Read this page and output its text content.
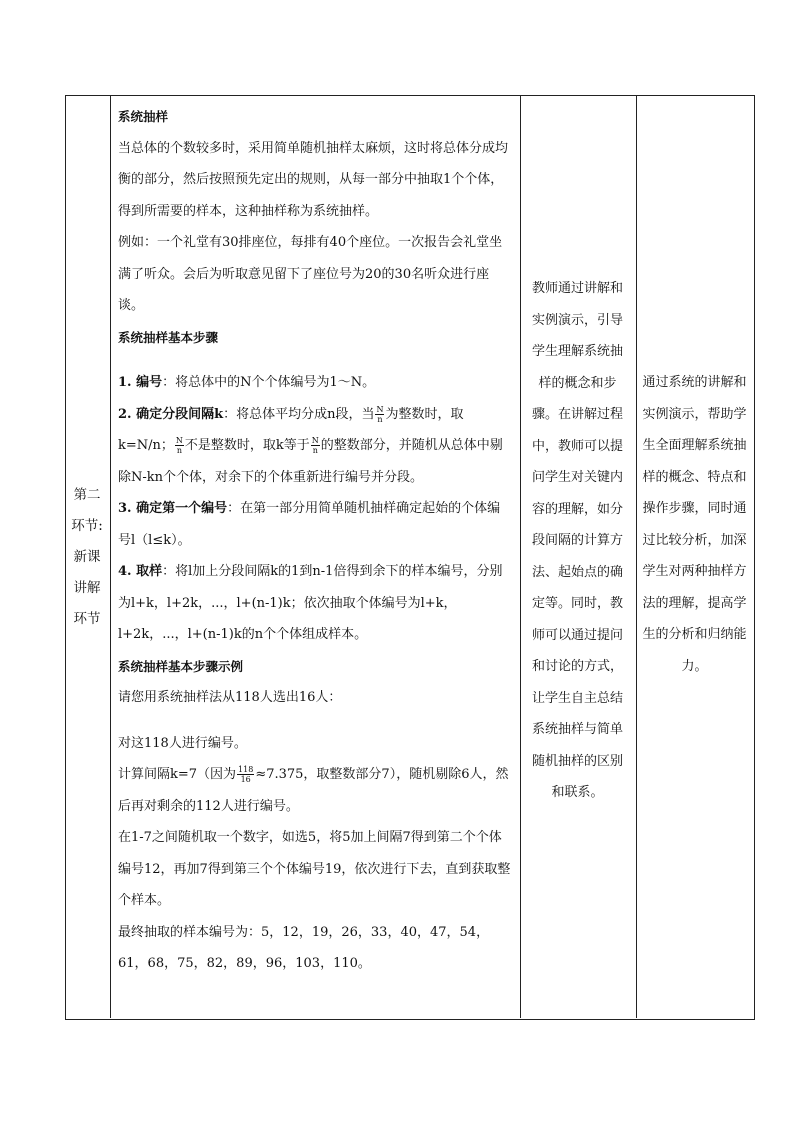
第二
环节:
新课
讲解
环节

系统抽样

当总体的个数较多时，采用简单随机抽样太麻烦，这时将总体分成均衡的部分，然后按照预先定出的规则，从每一部分中抽取1个个体，得到所需要的样本，这种抽样称为系统抽样。

例如：一个礼堂有30排座位，每排有40个座位。一次报告会礼堂坐满了听众。会后为听取意见留下了座位号为20的30名听众进行座谈。

系统抽样基本步骤

1. 编号：将总体中的N个个体编号为1～N。

2. 确定分段间隔k：将总体平均分成n段，当 $\frac{N}{n}$ 为整数时，取k=N/n； $\frac{N}{n}$ 不是整数时，取k等于 $\frac{N}{n}$ 的整数部分，并随机从总体中剔除N-kn个个体，对余下的个体重新进行编号并分段。

3. 确定第一个编号：在第一部分用简单随机抽样确定起始的个体编号l（l≤k）。

4. 取样：将l加上分段间隔k的1到n-1倍得到余下的样本编号，分别为l+k，l+2k，...，l+(n-1)k；依次抽取个体编号为l+k，l+2k，...，l+(n-1)k的n个个体组成样本。

系统抽样基本步骤示例

请您用系统抽样法从118人选出16人：

对这118人进行编号。

计算间隔k=7（因为 $\frac{118}{16} \approx 7.375$，取整数部分7），随机剔除6人，然后再对剩余的112人进行编号。

在1-7之间随机取一个数字，如选5，将5加上间隔7得到第二个个体编号12，再加7得到第三个个体编号19，依次进行下去，直到获取整个样本。

最终抽取的样本编号为：5，12，19，26，33，40，47，54，61，68，75，82，89，96，103，110。

教师通过讲解和实例演示，引导学生理解系统抽样的概念和步骤。在讲解过程中，教师可以提问学生对关键内容的理解，如分段间隔的计算方法、起始点的确定等。同时，教师可以通过提问和讨论的方式，让学生自主总结系统抽样与简单随机抽样的区别和联系。
通过系统的讲解和实例演示，帮助学生全面理解系统抽样的概念、特点和操作步骤，同时通过比较分析，加深学生对两种抽样方法的理解，提高学生的分析和归纳能力。
